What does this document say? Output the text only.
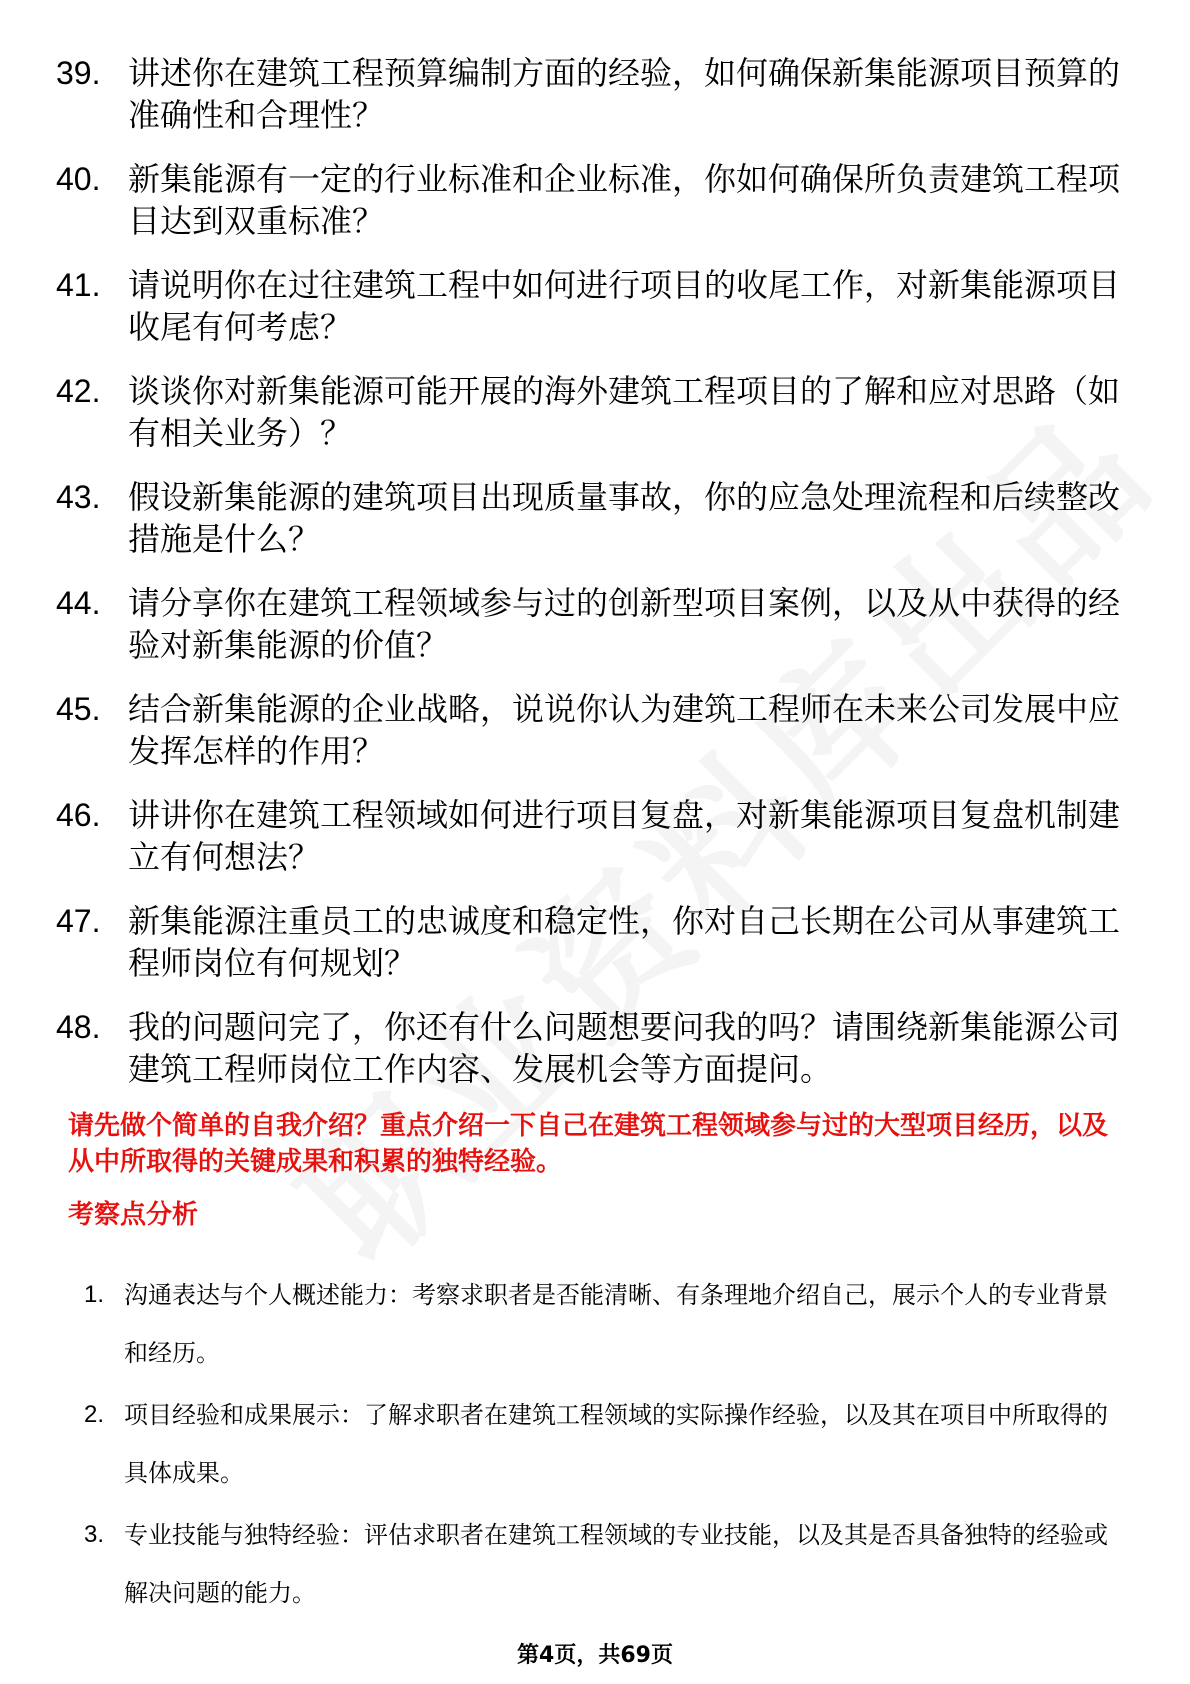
39. 讲述你在建筑工程预算编制方面的经验，如何确保新集能源项目预算的准确性和合理性？
40. 新集能源有一定的行业标准和企业标准，你如何确保所负责建筑工程项目达到双重标准？
41. 请说明你在过往建筑工程中如何进行项目的收尾工作，对新集能源项目收尾有何考虑？
42. 谈谈你对新集能源可能开展的海外建筑工程项目的了解和应对思路（如有相关业务）？
43. 假设新集能源的建筑项目出现质量事故，你的应急处理流程和后续整改措施是什么？
44. 请分享你在建筑工程领域参与过的创新型项目案例，以及从中获得的经验对新集能源的价值？
45. 结合新集能源的企业战略，说说你认为建筑工程师在未来公司发展中应发挥怎样的作用？
46. 讲讲你在建筑工程领域如何进行项目复盘，对新集能源项目复盘机制建立有何想法？
47. 新集能源注重员工的忠诚度和稳定性，你对自己长期在公司从事建筑工程师岗位有何规划？
48. 我的问题问完了，你还有什么问题想要问我的吗？请围绕新集能源公司建筑工程师岗位工作内容、发展机会等方面提问。
请先做个简单的自我介绍？重点介绍一下自己在建筑工程领域参与过的大型项目经历，以及从中所取得的关键成果和积累的独特经验。
考察点分析
1. 沟通表达与个人概述能力：考察求职者是否能清晰、有条理地介绍自己，展示个人的专业背景和经历。
2. 项目经验和成果展示：了解求职者在建筑工程领域的实际操作经验，以及其在项目中所取得的具体成果。
3. 专业技能与独特经验：评估求职者在建筑工程领域的专业技能，以及其是否具备独特的经验或解决问题的能力。
第4页，共69页
